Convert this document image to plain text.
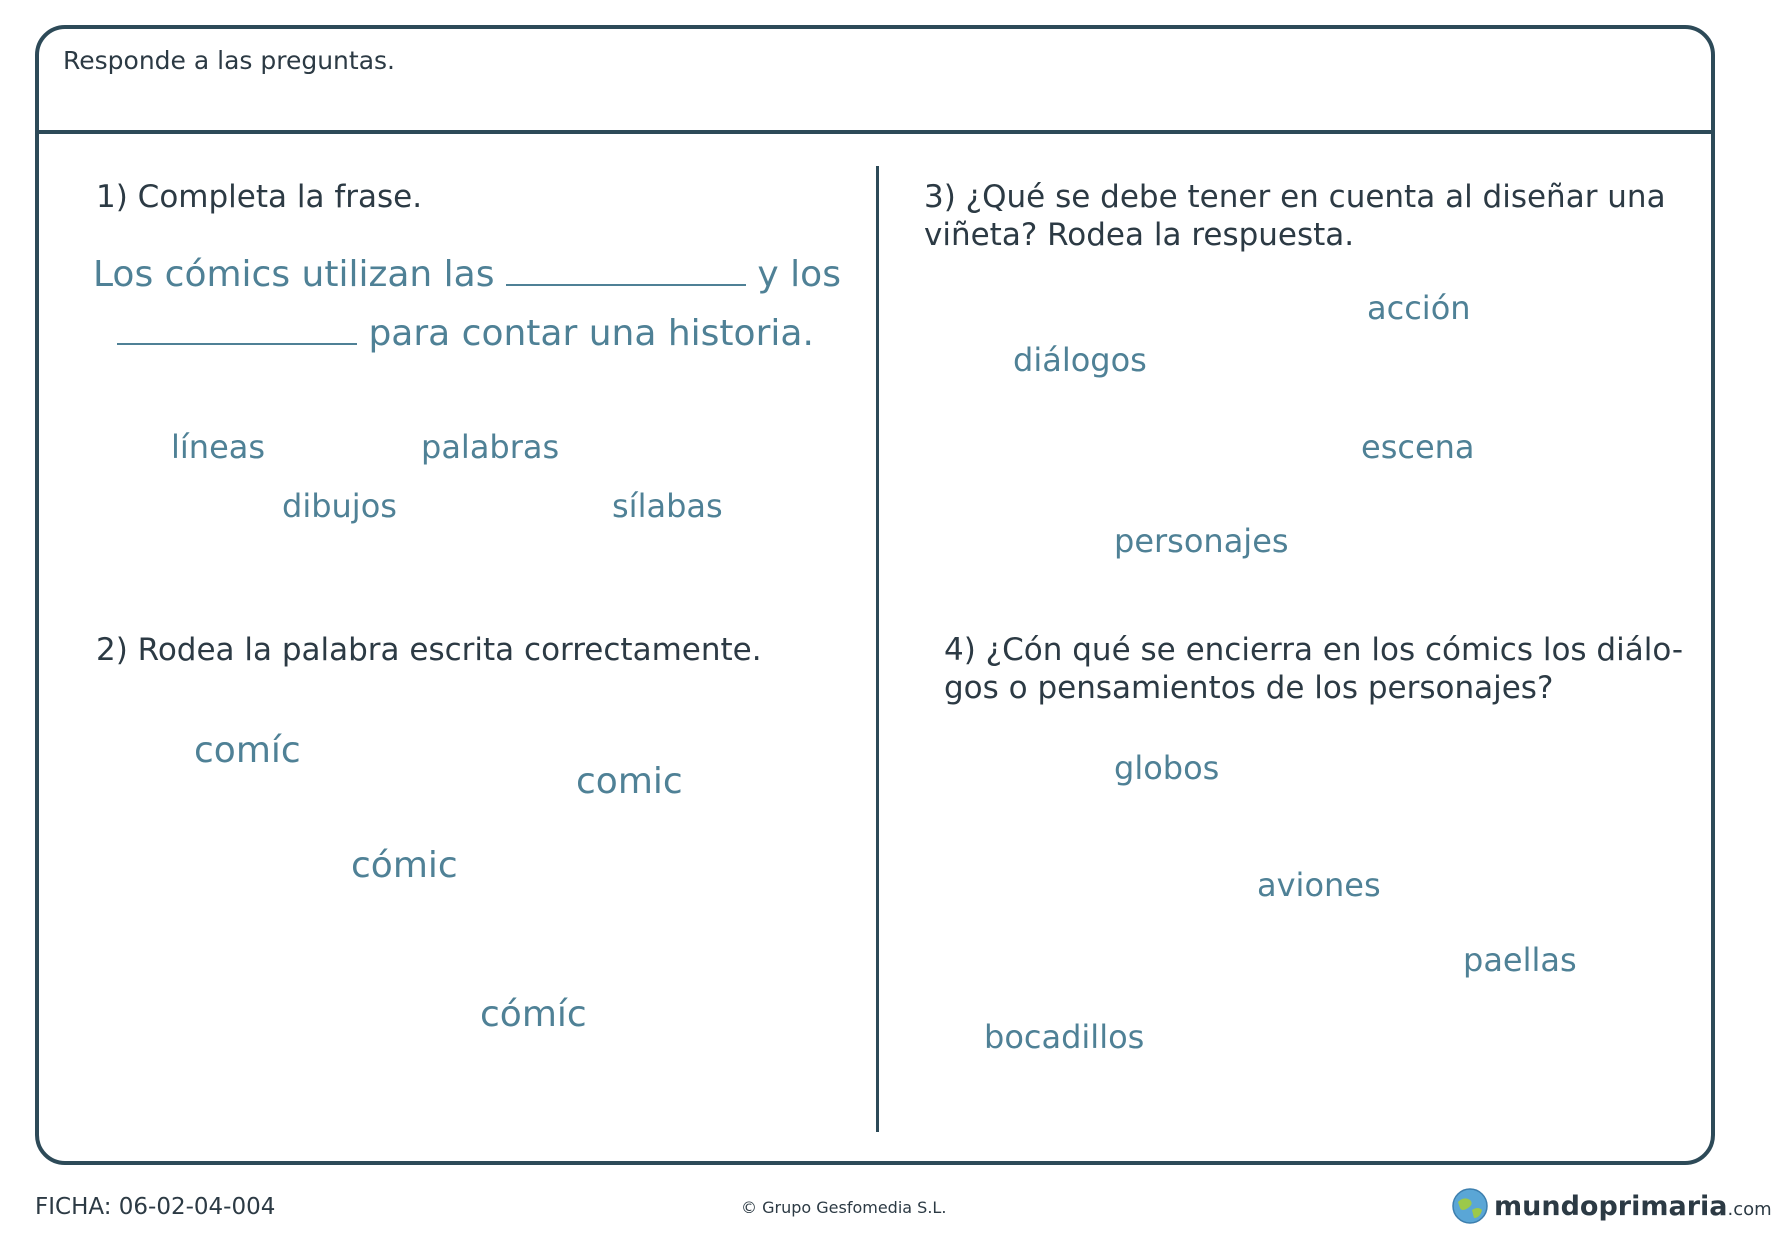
Responde a las preguntas.
1) Completa la frase.
Los cómics utilizan las	y los
para contar una historia.
líneas	palabras
dibujos	sílabas
2) Rodea la palabra escrita correctamente.
comíc
comic
cómic
cómíc
3) ¿Qué se debe tener en cuenta al diseñar una
viñeta? Rodea la respuesta.
acción
diálogos
escena
personajes
4) ¿Cón qué se encierra en los cómics los diálo-
gos o pensamientos de los personajes?
globos
aviones
paellas
bocadillos
FICHA: 06-02-04-004	© Grupo Gesfomedia S.L.	mundoprimaria.com
